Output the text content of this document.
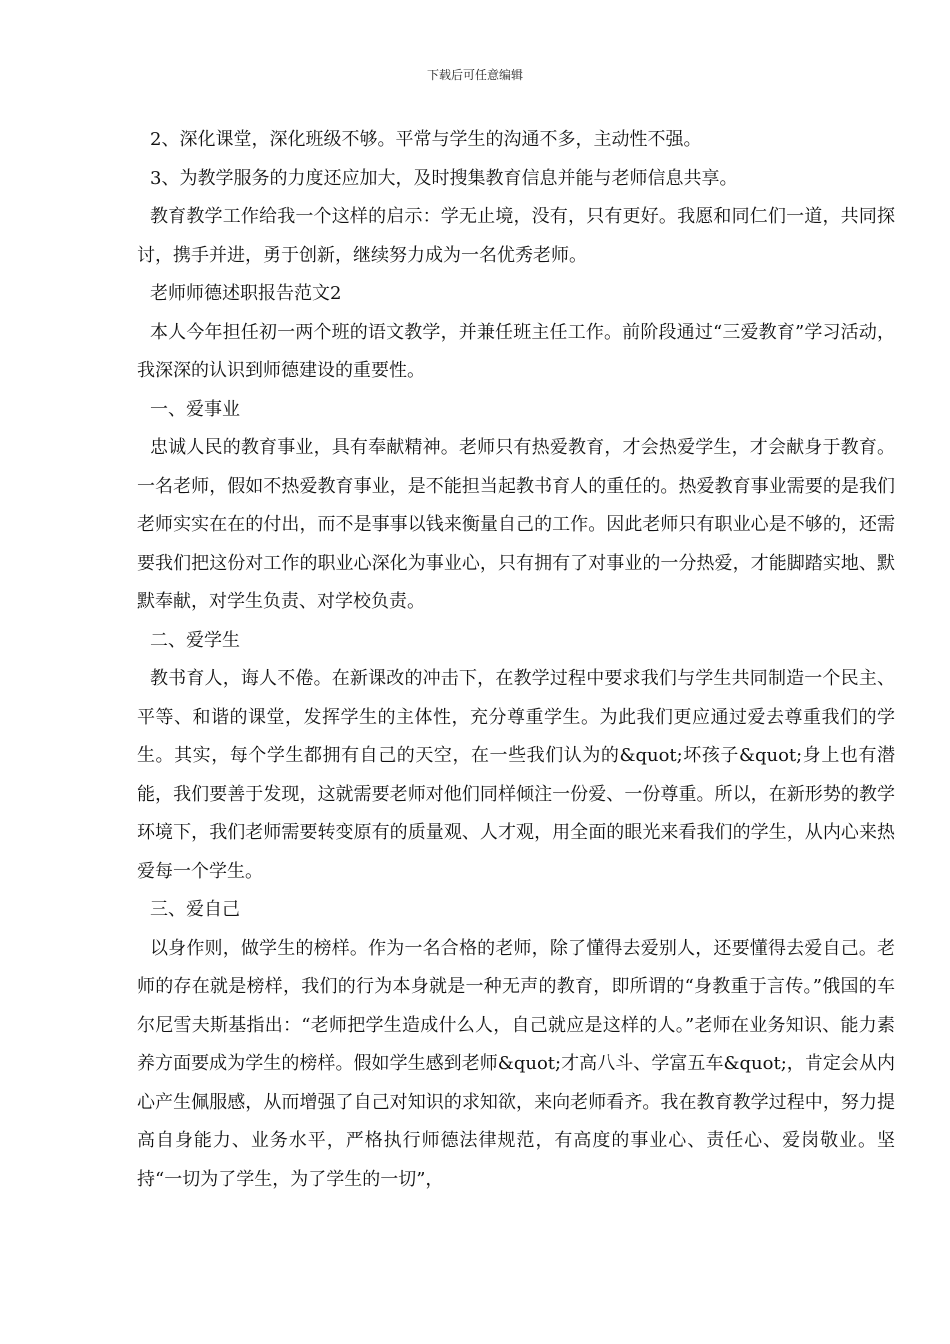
下载后可任意编辑

2、深化课堂，深化班级不够。平常与学生的沟通不多，主动性不强。

3、为教学服务的力度还应加大，及时搜集教育信息并能与老师信息共享。

教育教学工作给我一个这样的启示：学无止境，没有，只有更好。我愿和同仁们一道，共同探讨，携手并进，勇于创新，继续努力成为一名优秀老师。

老师师德述职报告范文2

本人今年担任初一两个班的语文教学，并兼任班主任工作。前阶段通过“三爱教育”学习活动，我深深的认识到师德建设的重要性。

一、爱事业

忠诚人民的教育事业，具有奉献精神。老师只有热爱教育，才会热爱学生，才会献身于教育。一名老师，假如不热爱教育事业，是不能担当起教书育人的重任的。热爱教育事业需要的是我们老师实实在在的付出，而不是事事以钱来衡量自己的工作。因此老师只有职业心是不够的，还需要我们把这份对工作的职业心深化为事业心，只有拥有了对事业的一分热爱，才能脚踏实地、默默奉献，对学生负责、对学校负责。

二、爱学生

教书育人，诲人不倦。在新课改的冲击下，在教学过程中要求我们与学生共同制造一个民主、平等、和谐的课堂，发挥学生的主体性，充分尊重学生。为此我们更应通过爱去尊重我们的学生。其实，每个学生都拥有自己的天空，在一些我们认为的&quot;坏孩子&quot;身上也有潜能，我们要善于发现，这就需要老师对他们同样倾注一份爱、一份尊重。所以，在新形势的教学环境下，我们老师需要转变原有的质量观、人才观，用全面的眼光来看我们的学生，从内心来热爱每一个学生。

三、爱自己

以身作则，做学生的榜样。作为一名合格的老师，除了懂得去爱别人，还要懂得去爱自己。老师的存在就是榜样，我们的行为本身就是一种无声的教育，即所谓的“身教重于言传。”俄国的车尔尼雪夫斯基指出：“老师把学生造成什么人，自己就应是这样的人。”老师在业务知识、能力素养方面要成为学生的榜样。假如学生感到老师&quot;才高八斗、学富五车&quot;，肯定会从内心产生佩服感，从而增强了自己对知识的求知欲，来向老师看齐。我在教育教学过程中，努力提高自身能力、业务水平，严格执行师德法律规范，有高度的事业心、责任心、爱岗敬业。坚持“一切为了学生，为了学生的一切”，
